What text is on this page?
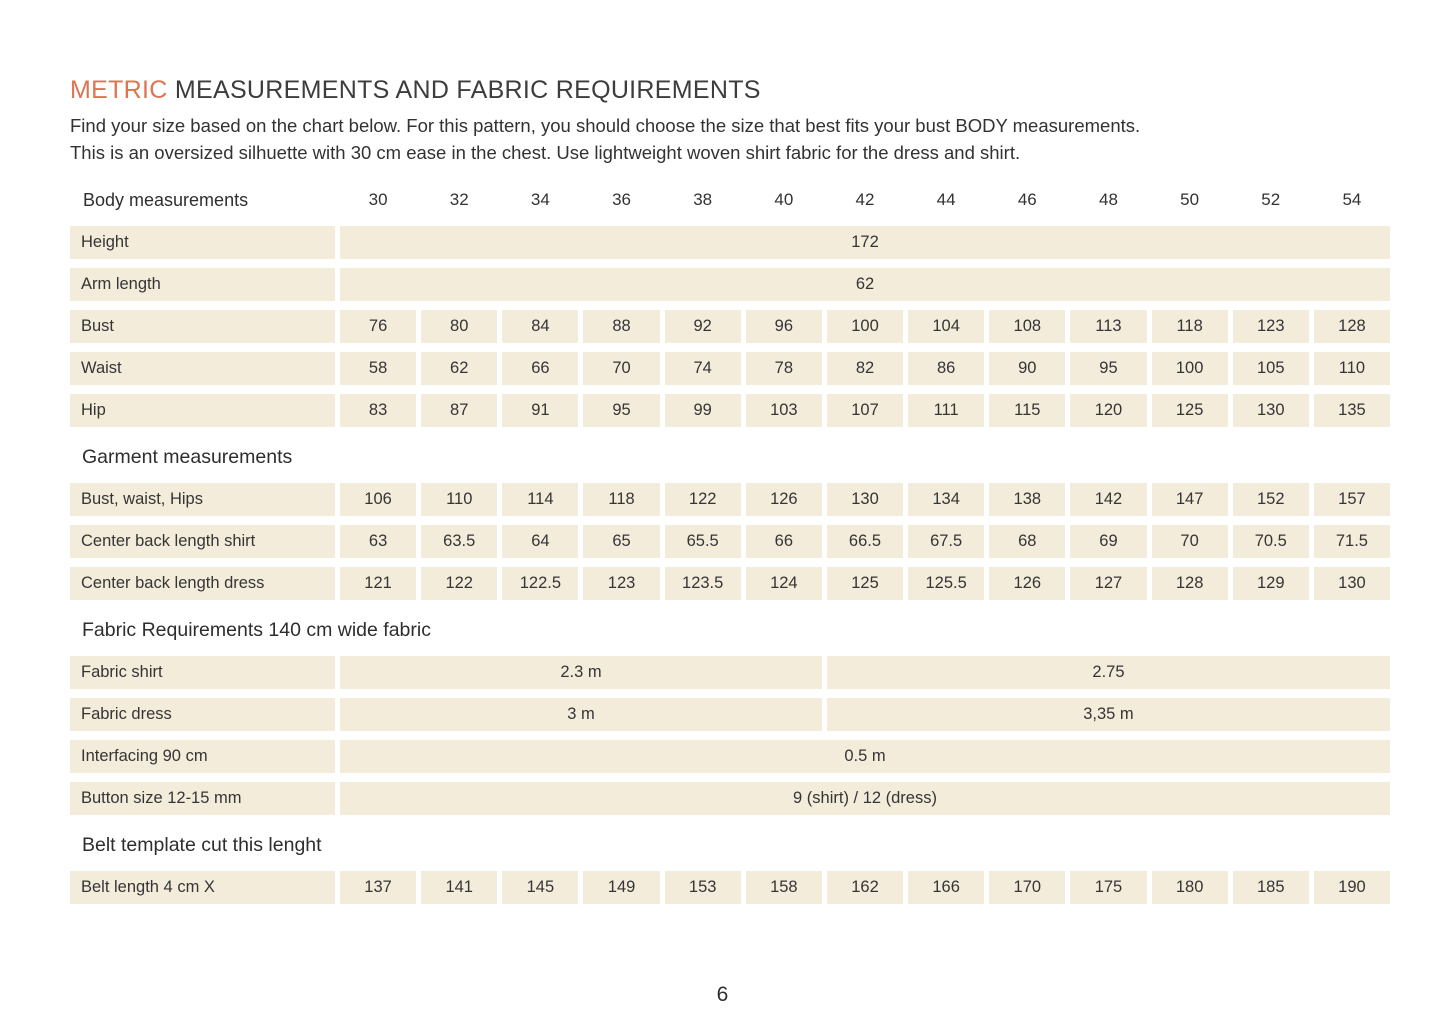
METRIC MEASUREMENTS AND FABRIC REQUIREMENTS

Find your size based on the chart below. For this pattern, you should choose the size that best fits your bust BODY measurements.

This is an oversized silhuette with 30 cm ease in the chest. Use lightweight woven shirt fabric for the dress and shirt.

Body measurements	30	32	34	36	38	40	42	44	46	48	50	52	54
Height	172
Arm length	62
Bust	76	80	84	88	92	96	100	104	108	113	118	123	128
Waist	58	62	66	70	74	78	82	86	90	95	100	105	110
Hip	83	87	91	95	99	103	107	111	115	120	125	130	135
Garment measurements
Bust, waist, Hips	106	110	114	118	122	126	130	134	138	142	147	152	157
Center back length shirt	63	63.5	64	65	65.5	66	66.5	67.5	68	69	70	70.5	71.5
Center back length dress	121	122	122.5	123	123.5	124	125	125.5	126	127	128	129	130
Fabric Requirements 140 cm wide fabric
Fabric shirt	2.3 m	2.75
Fabric dress	3 m	3,35 m
Interfacing 90 cm	0.5 m
Button size 12-15 mm	9 (shirt) / 12 (dress)
Belt template cut this lenght
Belt length 4 cm X	137	141	145	149	153	158	162	166	170	175	180	185	190
6
